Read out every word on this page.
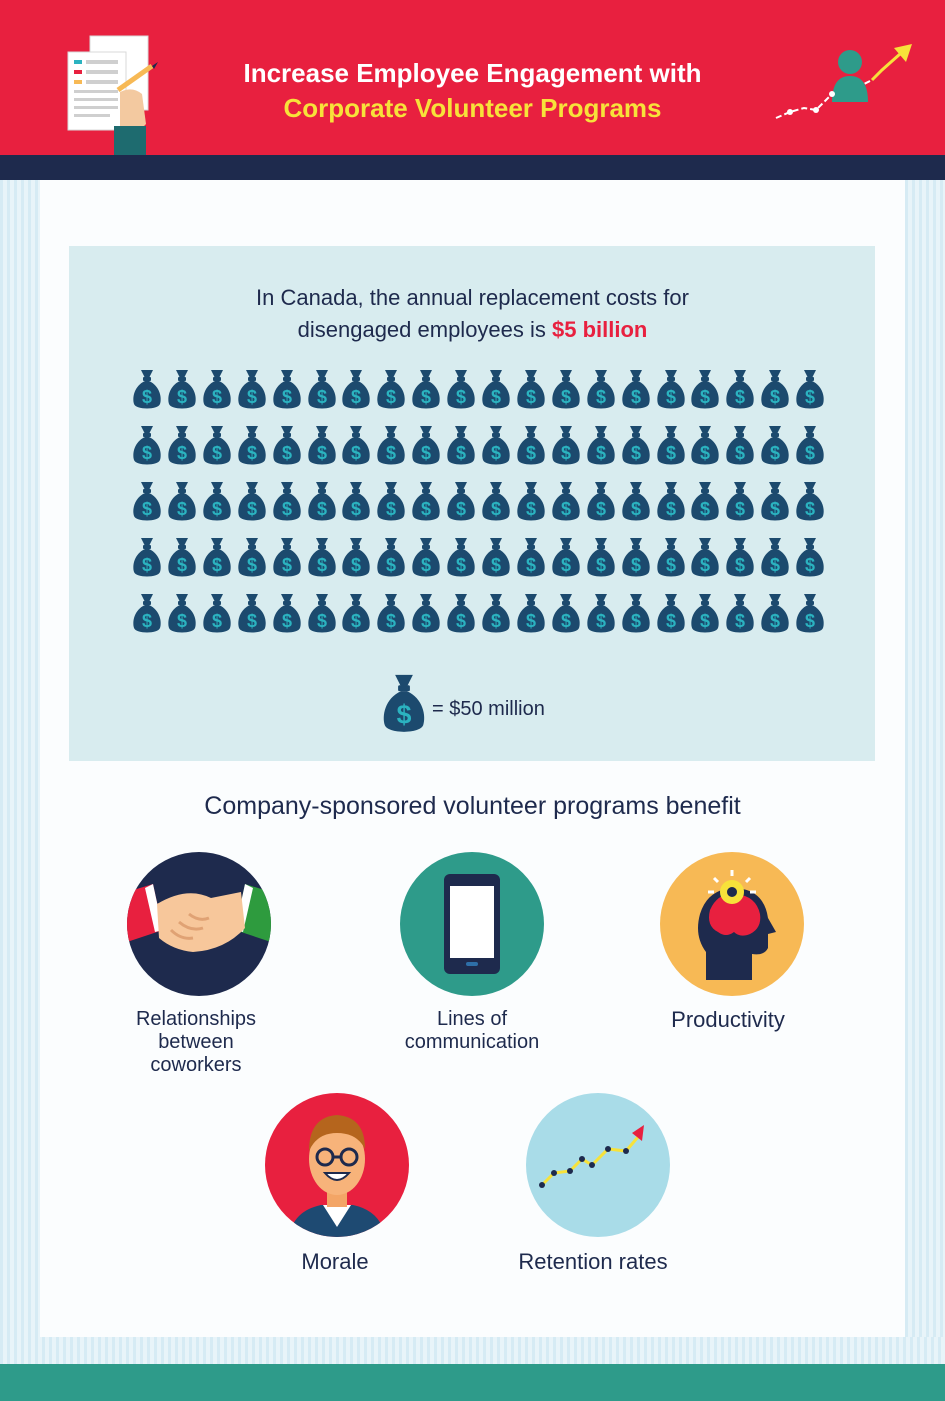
Increase Employee Engagement with
Corporate Volunteer Programs
In Canada, the annual replacement costs for
disengaged employees is $5 billion
$ $ $ $ $ $ $ $ $ $ $ $ $ $ $ $ $ $ $ $
$ $ $ $ $ $ $ $ $ $ $ $ $ $ $ $ $ $ $ $
$ $ $ $ $ $ $ $ $ $ $ $ $ $ $ $ $ $ $ $
$ $ $ $ $ $ $ $ $ $ $ $ $ $ $ $ $ $ $ $
$ $ $ $ $ $ $ $ $ $ $ $ $ $ $ $ $ $ $ $
$ = $50 million
Company-sponsored volunteer programs benefit
Relationships
between
coworkers
Lines of
communication
Productivity
Morale	Retention rates
